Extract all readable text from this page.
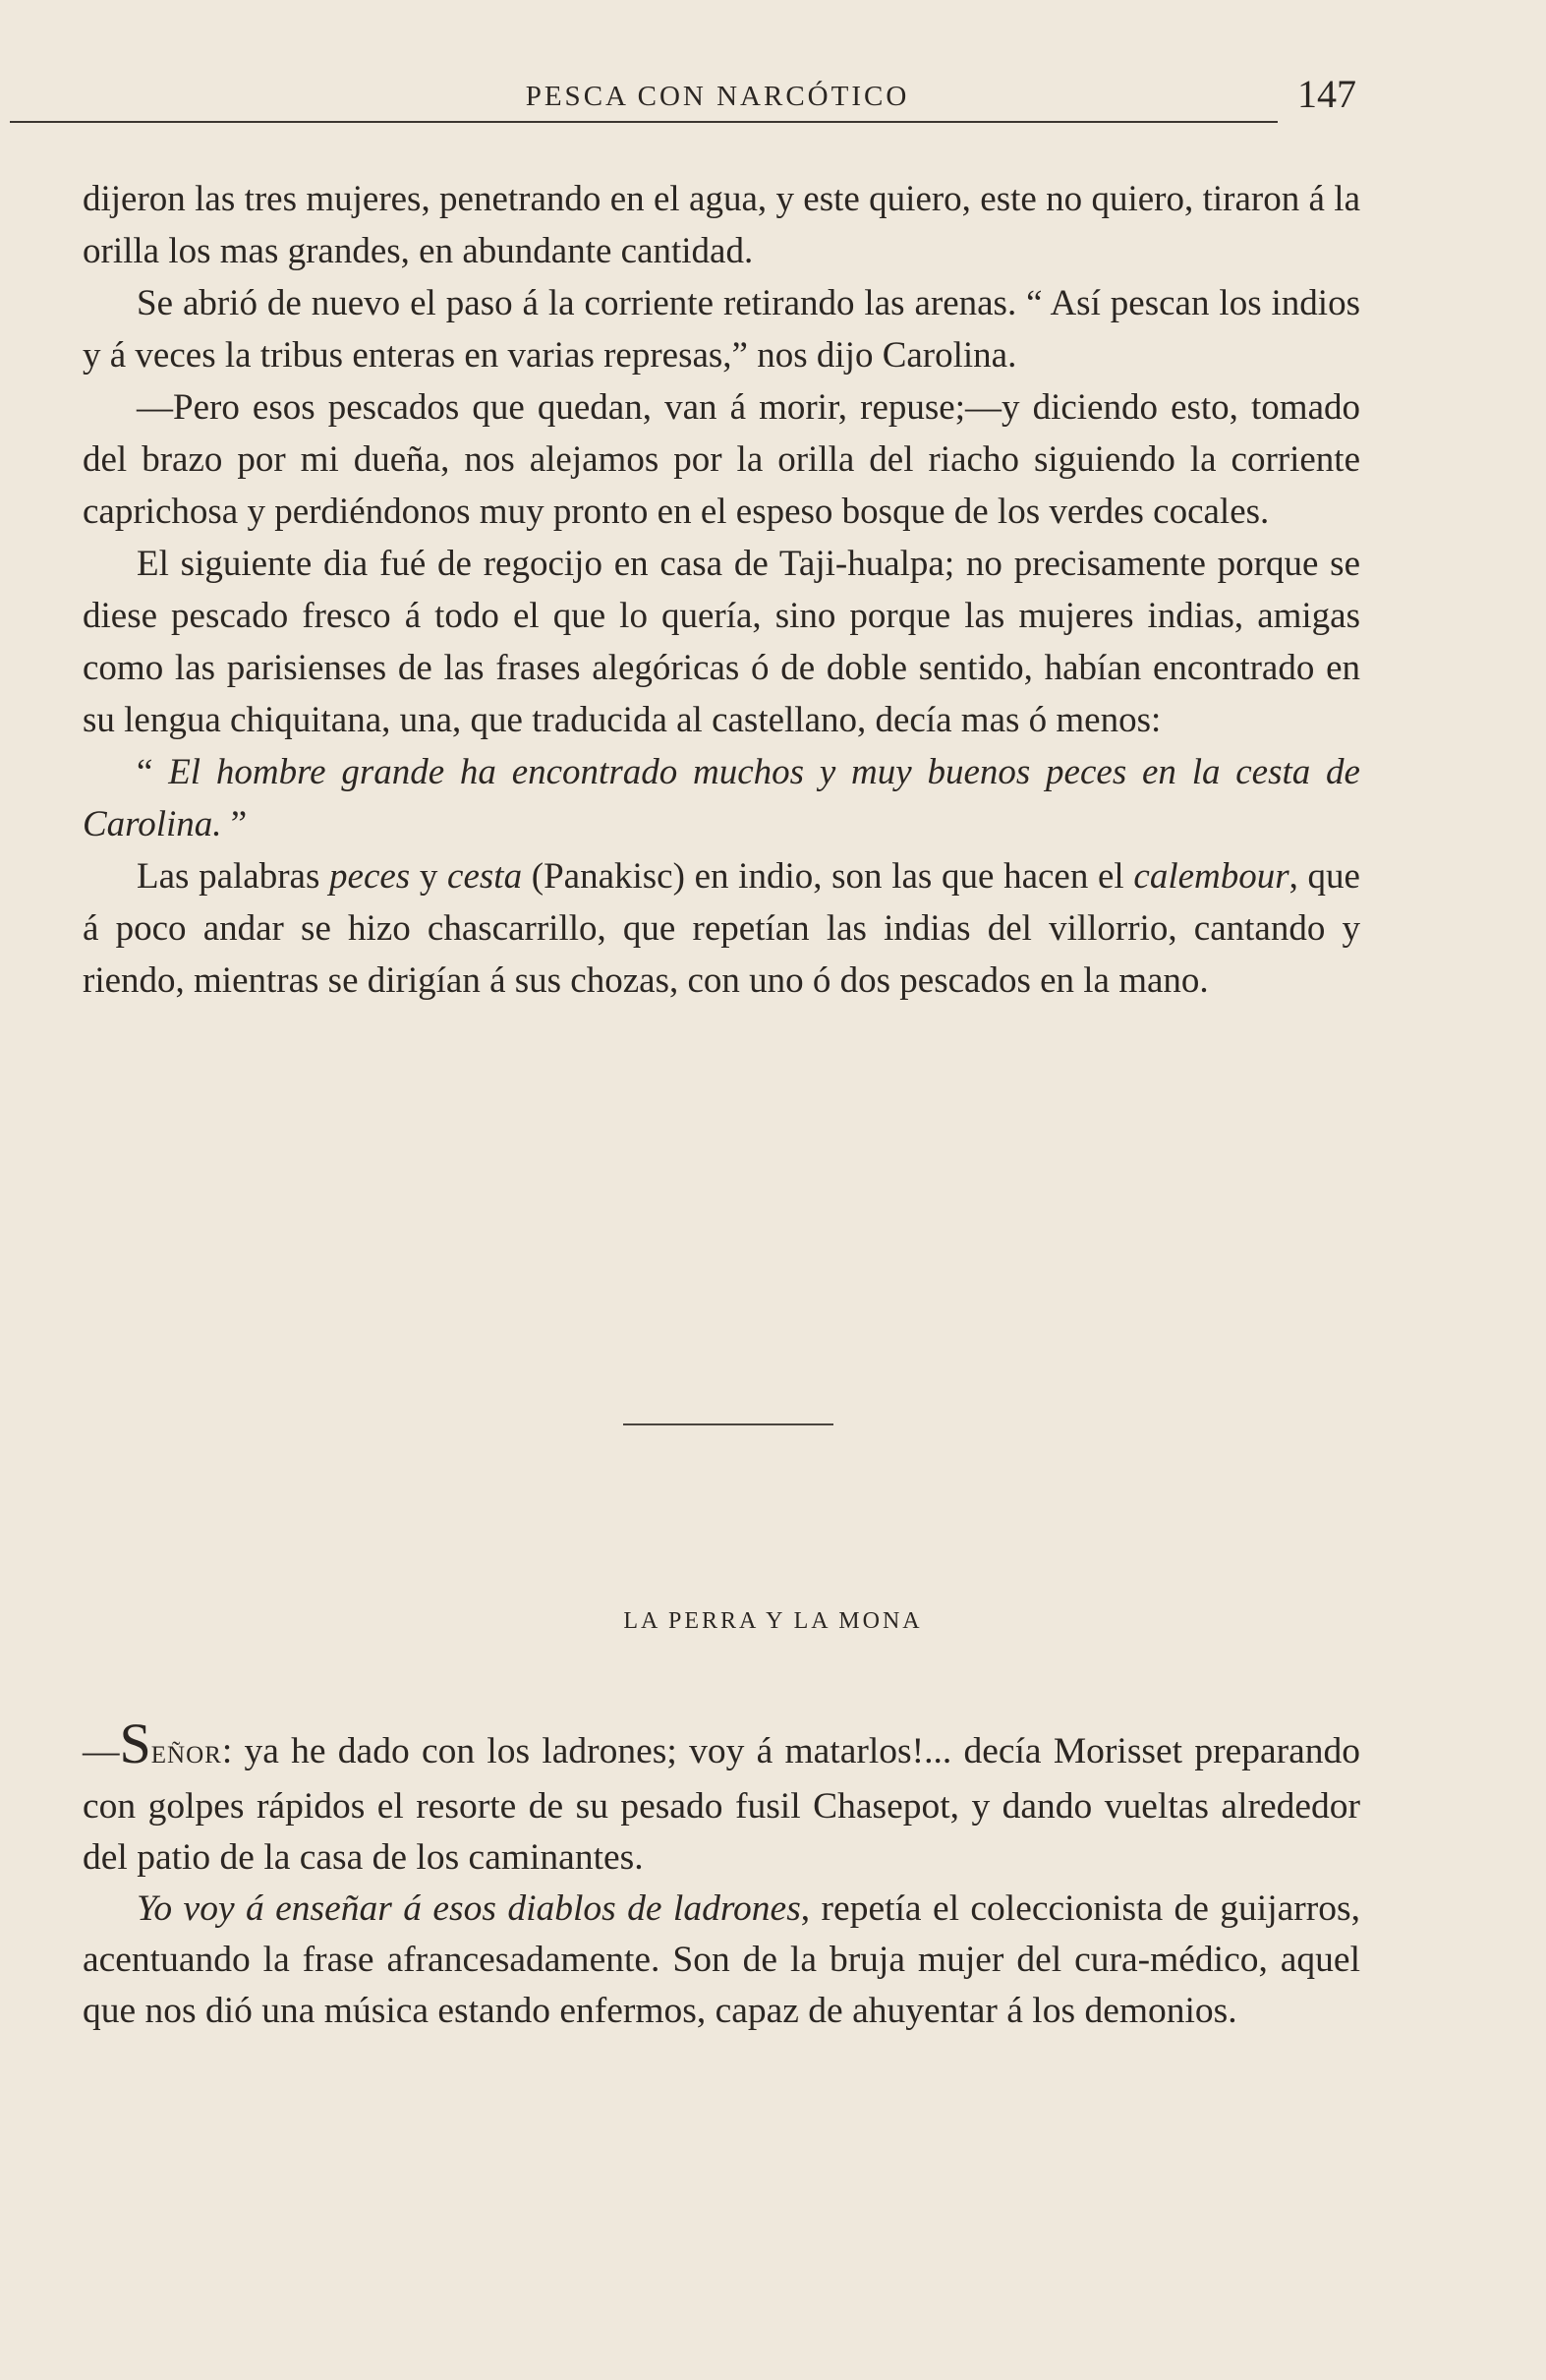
PESCA CON NARCÓTICO	147

dijeron las tres mujeres, penetrando en el agua, y este quiero, este no quiero, tiraron á la orilla los mas grandes, en abundante cantidad.

Se abrió de nuevo el paso á la corriente retirando las arenas. “ Así pescan los indios y á veces la tribus enteras en varias represas,” nos dijo Carolina.

—Pero esos pescados que quedan, van á morir, repuse;—y diciendo esto, tomado del brazo por mi dueña, nos alejamos por la orilla del riacho siguiendo la corriente caprichosa y perdiéndonos muy pronto en el espeso bosque de los verdes cocales.

El siguiente dia fué de regocijo en casa de Taji-hualpa; no precisamente porque se diese pescado fresco á todo el que lo quería, sino porque las mujeres indias, amigas como las parisienses de las frases alegóricas ó de doble sentido, habían encontrado en su lengua chiquitana, una, que traducida al castellano, decía mas ó menos:

“ El hombre grande ha encontrado muchos y muy buenos peces en la cesta de Carolina. ”

Las palabras peces y cesta (Panakisc) en indio, son las que hacen el calembour, que á poco andar se hizo chascarrillo, que repetían las indias del villorrio, cantando y riendo, mientras se dirigían á sus chozas, con uno ó dos pescados en la mano.

LA PERRA Y LA MONA

—SEÑOR: ya he dado con los ladrones; voy á matarlos!... decía Morisset preparando con golpes rápidos el resorte de su pesado fusil Chasepot, y dando vueltas alrededor del patio de la casa de los caminantes.

Yo voy á enseñar á esos diablos de ladrones, repetía el coleccionista de guijarros, acentuando la frase afrancesadamente. Son de la bruja mujer del cura-médico, aquel que nos dió una música estando enfermos, capaz de ahuyentar á los demonios.
